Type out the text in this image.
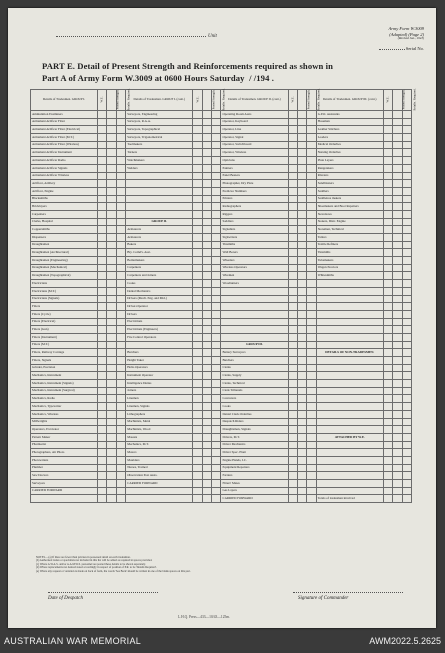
Unit
Army Form W.3009
(Adapted) (Page 2)
(Revised Jan., 1943)
Serial No.
PART E. Detail of Present Strength and Reinforcements required as shown in
Part A of Army Form W.3009 at 0600 Hours Saturday / /194 .
Details of Tradesmen. GROUP I.	W.E.	Posted Strength.	Reinfts. Required.	Details of Tradesmen. GROUP I. (cont.)	W.E.	Posted Strength.	Reinfts. Required.	Details of Tradesmen. GROUP II. (cont.)	W.E.	Posted Strength.	Reinfts. Required.	Details of Tradesmen. GROUP III. (cont.)	W.E.	Posted Strength.	Reinfts. Required.
Ammunition Examiners				Surveyors, Engineering				Operating Room Assts				G.P.O. Assistants			
Armament Artificer Fitter				Surveyors, R.A.A.				Operator, Keyboard				Hosemen			
Armament Artificer Fitter (Electrical)				Surveyors, Topographical				Operator, Line				Leather Stitchers			
Armament Artificer Fitter (M.T.)				Surveyors, Trigonometrical				Operator, Signal				Loaders			
Armament Artificer Fitter (Wireless)				Toolmakers				Operator, Switchboard				Medical Orderlies			
Armament Artificer Instrument				Turners				Operator, Wireless				Nursing Orderlies			
Armament Artificer Radio				Watchmakers				Opticians				Plate Layers			
Armament Artificer Signals				Welders				Painters				Rangetakers			
Armament Artificer Wireless								Panel Beaters				Riveters			
Artificer, Artillery								Photographer, Dry Plate				Sandblasters			
Artificer, Engine								Predictor Numbers				Saddlers			
Blacksmiths								Printers				Saddletree makers			
Bricklayers								Radiographers				Shoemakers and Boot Repairers			
Carpenters								Riggers				Stevedores			
Clerks, Hospital				GROUP II.				Saddlers				Stokers, Distr. Engine			
Coppersmiths				Armourers				Signallers				Storemen, Technical			
Dispensers				Armourers				Signwriters				Tailors			
Draughtsmen				Bakers				Tinsmiths				Textile Refiners			
Draughtsmen (Architectural)				Bty. Comd's. Asst.				Wall Borers				Tinsmiths			
Draughtsmen (Engineering)				Boilermakers				Wheelers				Tubemakers			
Draughtsmen (Mechanical)				Carpenters				Wireless Operators				Wagon Erectors			
Draughtsmen (Topographical)				Carpenters and Joiners				Wiremen				Whitesmiths			
Electricians				Cooks				Woodturners							
Electricians (M.T.)				Dental Mechanics											
Electricians (Signals)				Drivers (Mech. Eng. and Mtd.)											
Fitters				Driver-Operator											
Fitters (Cycle)				Drivers											
Fitters (Electrical)				Electricians											
Fitters (Gun)				Electricians (Engineers)											
Fitters (Instrument)				Fire Control Operators											
Fitters (M.T.)								GROUP III.							
Fitters, Railway Carriage				Butchers				Battery Surveyors				DETAILS OF NON-TRADESMEN.			
Fitters, Signals				Height Taker				Butchers							
Grinder, Precision				Helio Operators				Clerks							
Mechanics, Instrument				Instrument Operator				Clerks, Supply							
Mechanics, Instrument (Signals)				Intelligence Duties				Clerks, Technical							
Mechanics, Instrument (Surgical)				Joiners				Clerk Tribunals							
Mechanics, Radio				Linemen				Concreters							
Mechanics, Typewriter				Linemen, Signals				Cooks							
Mechanics, Wireless				Lithographers				Dental Clerk Orderlies							
Millwrights				Machinists, Metal				Despatch Riders							
Operators, Excavator				Machinists, Wood				Draughtsmen, Signals							
Pattern Maker				Masons				Drivers, M.T.				ATTACHED BY W.E.			
Pharmacist				Mechanics, M.T.				Driver Mechanics							
Photographers, Air Photo				Motors				Driver Spec. Plant							
Photowriters				Moulders				Engine Hands, I.C.							
Plumber				Nurses, Trained				Equipment Repairers							
Saw Doctors				Observation Post Assts.				Farriers							
Surveyors				CARRIED FORWARD				Fitters' Mates							
CARRIED FORWARD								Gas Layers							
								CARRIED FORWARD				Totals of tradesmen involved			
NOTES.—(a) If there are fewer than privates in possessed detail on each tradesman.
(b) Authorised trades or specialists not included in this list will be added as required in spaces provided.
(c) Where A.W.A.S. and/or A.A.M.W.S. personnel are posted these details to be shown separately.
(d) Where replacements not desired noted accordingly in respect of position of P.R. to be 'Details Required'.
(e) Where any request or variation is made on back of form, the words 'See Back' should be written in one of the blank spaces on this part.
Date of Despatch	Signature of Commander
L.H.Q. Press—433—10/43—125m.
AUSTRALIAN WAR MEMORIAL	AWM2022.5.2625
